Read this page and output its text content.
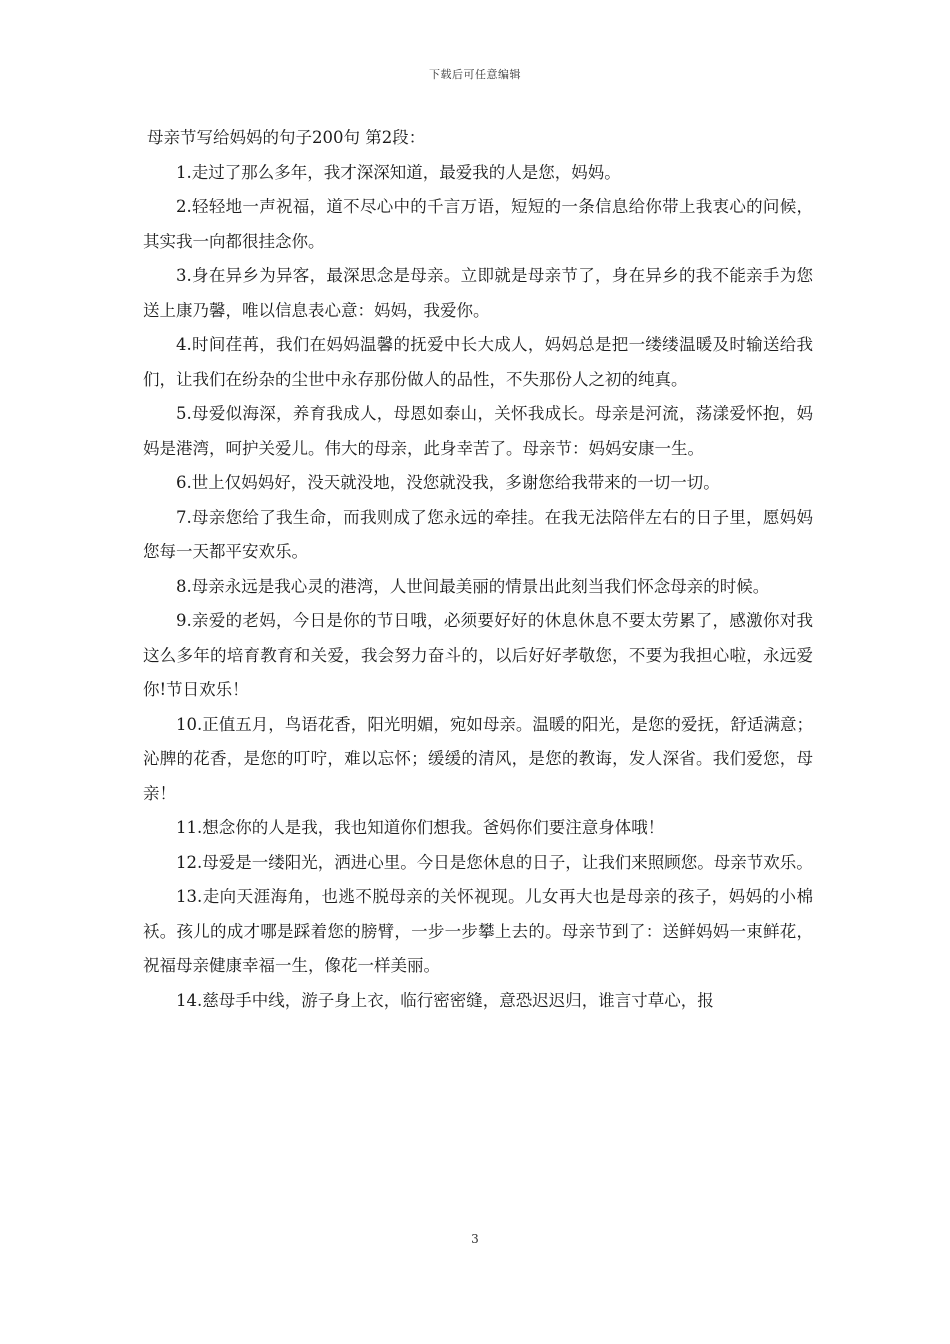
下载后可任意编辑

母亲节写给妈妈的句子200句 第2段：

1.走过了那么多年，我才深深知道，最爱我的人是您，妈妈。

2.轻轻地一声祝福，道不尽心中的千言万语，短短的一条信息给你带上我衷心的问候，其实我一向都很挂念你。

3.身在异乡为异客，最深思念是母亲。立即就是母亲节了，身在异乡的我不能亲手为您送上康乃馨，唯以信息表心意：妈妈，我爱你。

4.时间荏苒，我们在妈妈温馨的抚爱中长大成人，妈妈总是把一缕缕温暖及时输送给我们，让我们在纷杂的尘世中永存那份做人的品性，不失那份人之初的纯真。

5.母爱似海深，养育我成人，母恩如泰山，关怀我成长。母亲是河流，荡漾爱怀抱，妈妈是港湾，呵护关爱儿。伟大的母亲，此身幸苦了。母亲节：妈妈安康一生。

6.世上仅妈妈好，没天就没地，没您就没我，多谢您给我带来的一切一切。

7.母亲您给了我生命，而我则成了您永远的牵挂。在我无法陪伴左右的日子里，愿妈妈您每一天都平安欢乐。

8.母亲永远是我心灵的港湾，人世间最美丽的情景出此刻当我们怀念母亲的时候。

9.亲爱的老妈，今日是你的节日哦，必须要好好的休息休息不要太劳累了，感激你对我这么多年的培育教育和关爱，我会努力奋斗的，以后好好孝敬您，不要为我担心啦，永远爱你!节日欢乐！

10.正值五月，鸟语花香，阳光明媚，宛如母亲。温暖的阳光，是您的爱抚，舒适满意；沁脾的花香，是您的叮咛，难以忘怀；缓缓的清风，是您的教诲，发人深省。我们爱您，母亲！

11.想念你的人是我，我也知道你们想我。爸妈你们要注意身体哦！

12.母爱是一缕阳光，洒进心里。今日是您休息的日子，让我们来照顾您。母亲节欢乐。

13.走向天涯海角，也逃不脱母亲的关怀视现。儿女再大也是母亲的孩子，妈妈的小棉袄。孩儿的成才哪是踩着您的膀臂，一步一步攀上去的。母亲节到了：送鲜妈妈一束鲜花，祝福母亲健康幸福一生，像花一样美丽。

14.慈母手中线，游子身上衣，临行密密缝，意恐迟迟归，谁言寸草心，报

3
